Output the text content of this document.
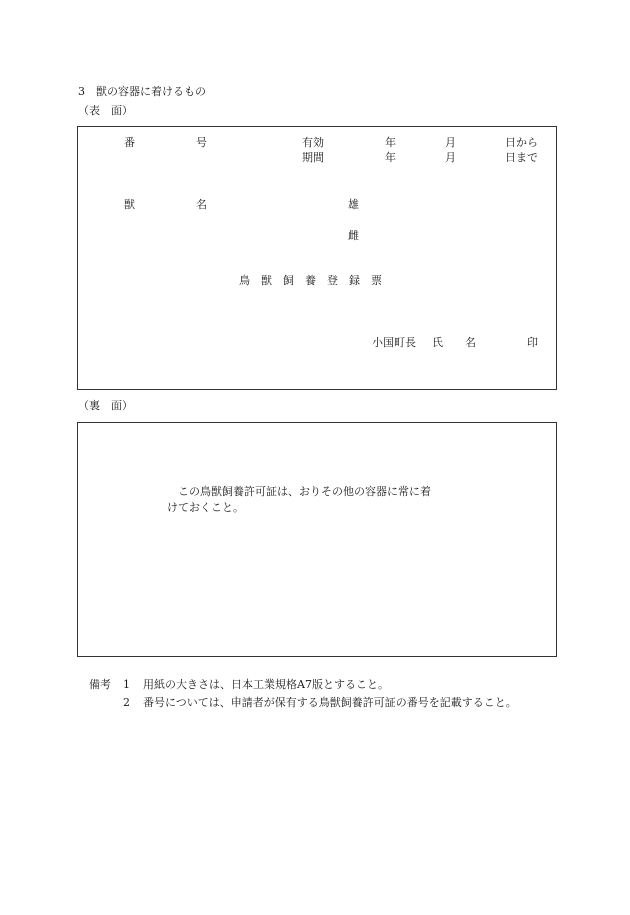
3 獣の容器に着けるもの
（表　面）
番	号	有効
期間
年	月	日から
年	月	日まで
獣	名	雄
雌
鳥　獣　飼　養　登　録　票
小国町長 氏　　名	印
（裏　面）
この鳥獣飼養許可証は、おりその他の容器に常に着
けておくこと。
備考 1 用紙の大きさは、日本工業規格A7版とすること。
2 番号については、申請者が保有する鳥獣飼養許可証の番号を記載すること。
